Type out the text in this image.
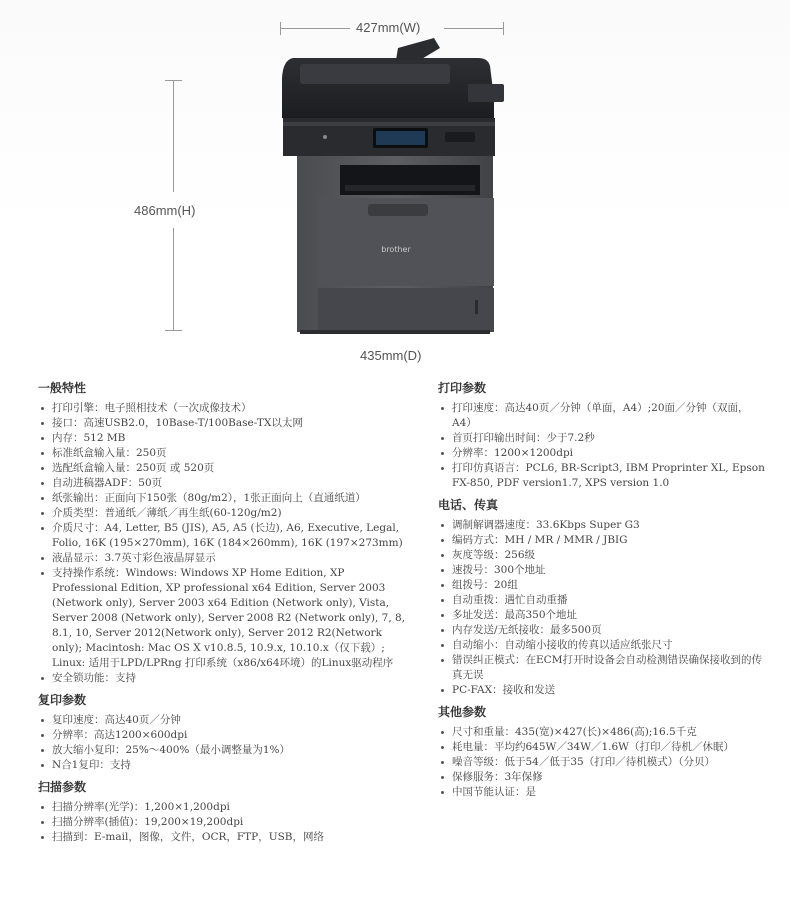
427mm(W)
486mm(H)
435mm(D)
brother
一般特性
打印引擎：电子照相技术（一次成像技术）
接口：高速USB2.0，10Base-T/100Base-TX以太网
内存：512 MB
标准纸盒输入量：250页
选配纸盒输入量：250页 或 520页
自动进稿器ADF：50页
纸张输出：正面向下150张（80g/m2），1张正面向上（直通纸道）
介质类型：普通纸／薄纸／再生纸(60-120g/m2)
介质尺寸：A4, Letter, B5 (JIS), A5, A5 (长边), A6, Executive, Legal, Folio, 16K (195×270mm), 16K (184×260mm), 16K (197×273mm)
液晶显示：3.7英寸彩色液晶屏显示
支持操作系统：Windows: Windows XP Home Edition, XP Professional Edition, XP professional x64 Edition, Server 2003 (Network only), Server 2003 x64 Edition (Network only), Vista, Server 2008 (Network only), Server 2008 R2 (Network only), 7, 8, 8.1, 10, Server 2012(Network only), Server 2012 R2(Network only); Macintosh: Mac OS X v10.8.5, 10.9.x, 10.10.x（仅下载）; Linux: 适用于LPD/LPRng 打印系统（x86/x64环境）的Linux驱动程序
安全锁功能：支持
复印参数
复印速度：高达40页／分钟
分辨率：高达1200×600dpi
放大缩小复印：25%～400%（最小调整量为1%）
N合1复印：支持
扫描参数
扫描分辨率(光学)：1,200×1,200dpi
扫描分辨率(插值)：19,200×19,200dpi
扫描到：E-mail，图像，文件，OCR，FTP，USB，网络
打印参数
打印速度：高达40页／分钟（单面，A4）;20面／分钟（双面，A4）
首页打印输出时间：少于7.2秒
分辨率：1200×1200dpi
打印仿真语言：PCL6, BR-Script3, IBM Proprinter XL, Epson FX-850, PDF version1.7, XPS version 1.0
电话、传真
调制解调器速度：33.6Kbps Super G3
编码方式：MH / MR / MMR / JBIG
灰度等级：256级
速拨号：300个地址
组拨号：20组
自动重拨：遇忙自动重播
多址发送：最高350个地址
内存发送/无纸接收：最多500页
自动缩小：自动缩小接收的传真以适应纸张尺寸
错误纠正模式：在ECM打开时设备会自动检测错误确保接收到的传真无误
PC-FAX：接收和发送
其他参数
尺寸和重量：435(宽)×427(长)×486(高);16.5千克
耗电量：平均约645W／34W／1.6W（打印／待机／休眠）
噪音等级：低于54／低于35（打印／待机模式）（分贝）
保修服务：3年保修
中国节能认证：是
